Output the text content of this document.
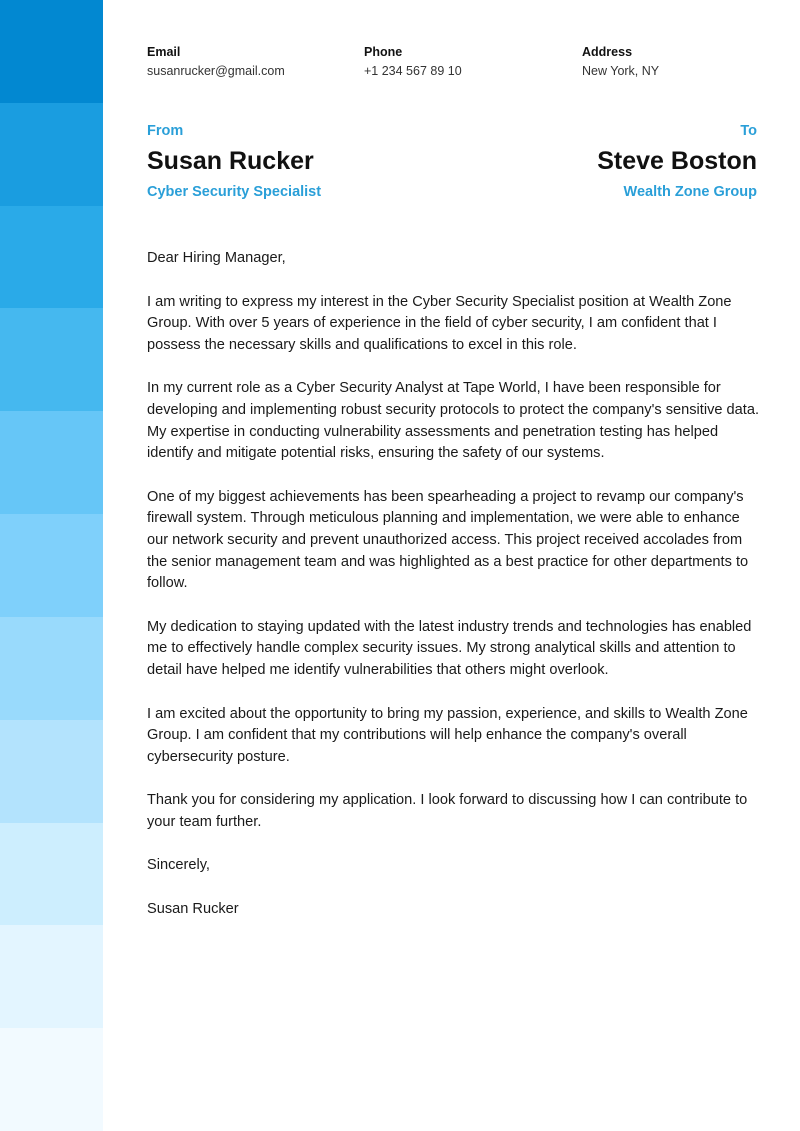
Email
susanrucker@gmail.com
Phone
+1 234 567 89 10
Address
New York, NY
From
Susan Rucker
Cyber Security Specialist
To
Steve Boston
Wealth Zone Group

Dear Hiring Manager,

I am writing to express my interest in the Cyber Security Specialist position at Wealth Zone Group. With over 5 years of experience in the field of cyber security, I am confident that I possess the necessary skills and qualifications to excel in this role.

In my current role as a Cyber Security Analyst at Tape World, I have been responsible for developing and implementing robust security protocols to protect the company's sensitive data. My expertise in conducting vulnerability assessments and penetration testing has helped identify and mitigate potential risks, ensuring the safety of our systems.

One of my biggest achievements has been spearheading a project to revamp our company's firewall system. Through meticulous planning and implementation, we were able to enhance our network security and prevent unauthorized access. This project received accolades from the senior management team and was highlighted as a best practice for other departments to follow.

My dedication to staying updated with the latest industry trends and technologies has enabled me to effectively handle complex security issues. My strong analytical skills and attention to detail have helped me identify vulnerabilities that others might overlook.

I am excited about the opportunity to bring my passion, experience, and skills to Wealth Zone Group. I am confident that my contributions will help enhance the company's overall cybersecurity posture.

Thank you for considering my application. I look forward to discussing how I can contribute to your team further.

Sincerely,

Susan Rucker
